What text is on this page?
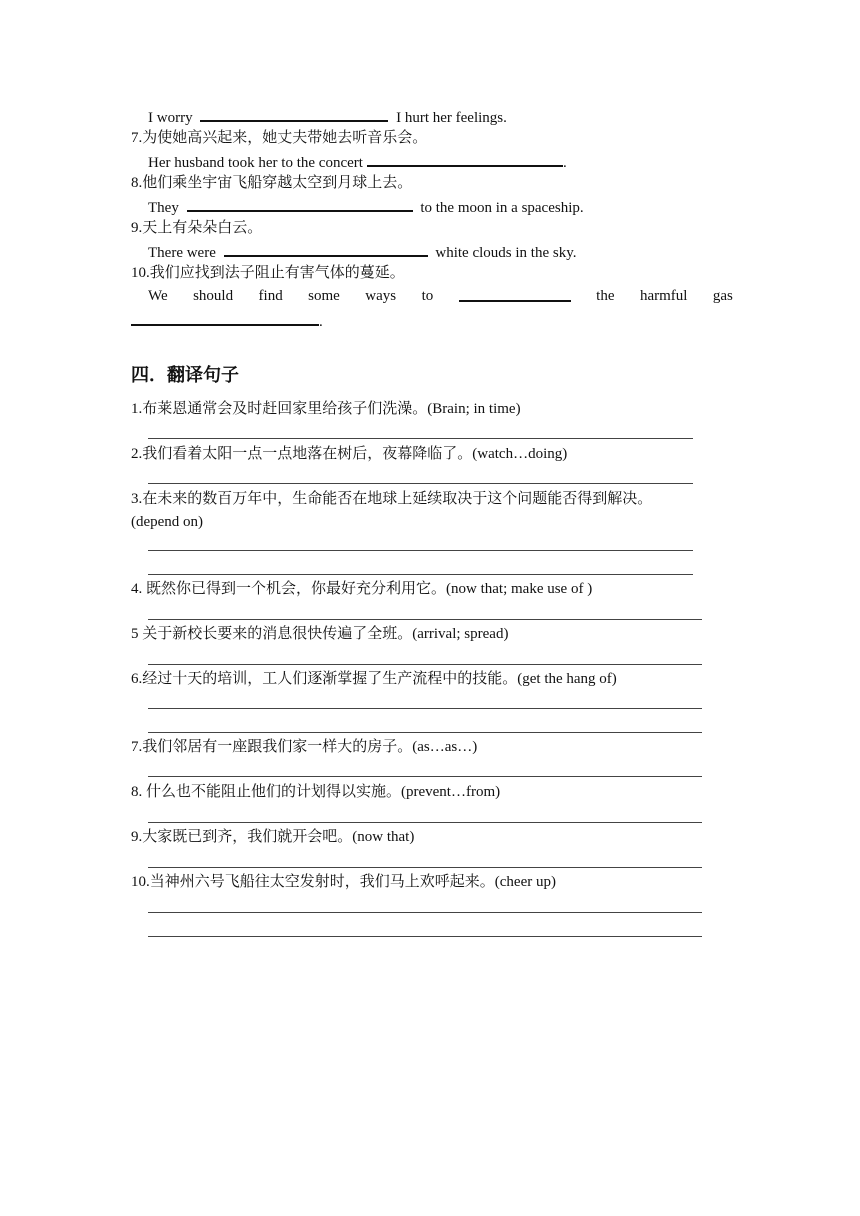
I worry	I hurt her feelings.
7.为使她高兴起来，她丈夫带她去听音乐会。
Her husband took her to the concert	.
8.他们乘坐宇宙飞船穿越太空到月球上去。
They	to the moon in a spaceship.
9.天上有朵朵白云。
There were	white clouds in the sky.
10.我们应找到法子阻止有害气体的蔓延。
We should find some ways to	the harmful gas
.
四．翻译句子
1.布莱恩通常会及时赶回家里给孩子们洗澡。(Brain; in time)
2.我们看着太阳一点一点地落在树后，夜幕降临了。(watch…doing)
3.在未来的数百万年中，生命能否在地球上延续取决于这个问题能否得到解决。
(depend on)
4. 既然你已得到一个机会，你最好充分利用它。(now that; make use of )
5 关于新校长要来的消息很快传遍了全班。(arrival; spread)
6.经过十天的培训，工人们逐渐掌握了生产流程中的技能。(get the hang of)
7.我们邻居有一座跟我们家一样大的房子。(as…as…)
8. 什么也不能阻止他们的计划得以实施。(prevent…from)
9.大家既已到齐，我们就开会吧。(now that)
10.当神州六号飞船往太空发射时，我们马上欢呼起来。(cheer up)
